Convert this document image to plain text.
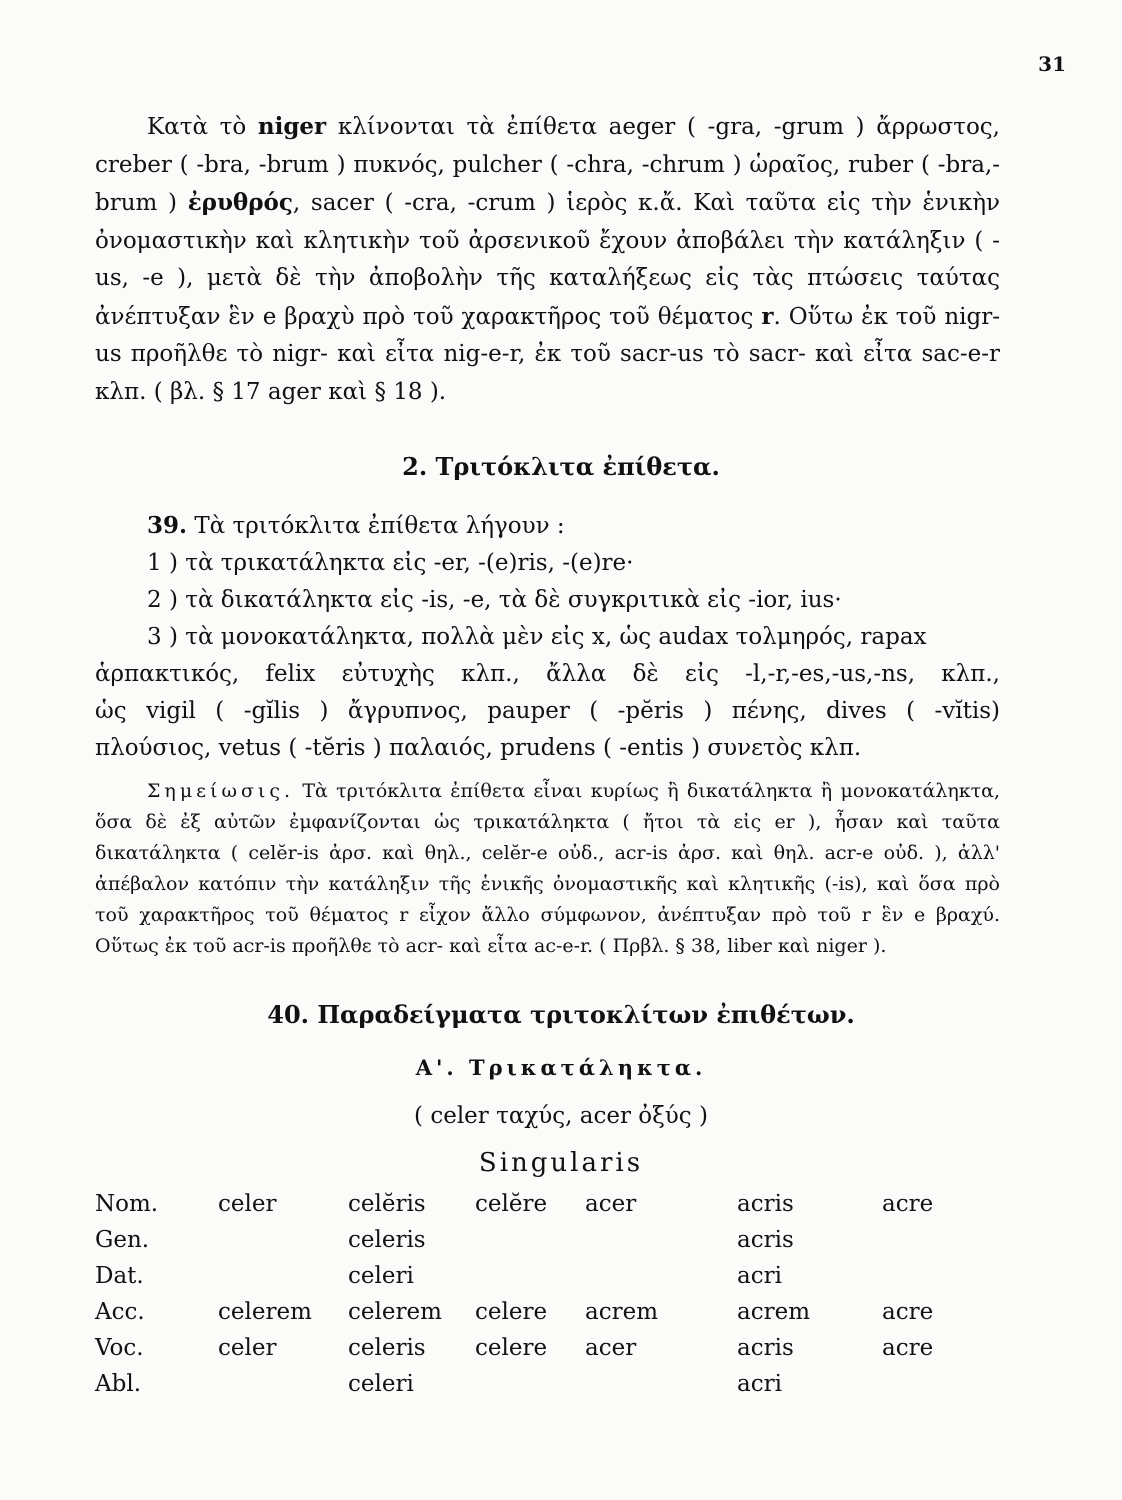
31

Κατὰ τὸ niger κλίνονται τὰ ἐπίθετα aeger ( -gra, -grum ) ἄρρωστος, creber ( -bra, -brum ) πυκνός, pulcher ( -chra, -chrum ) ὡραῖος, ruber ( -bra,-brum ) ἐρυθρός, sacer ( -cra, -crum ) ἱερὸς κ.ἄ. Καὶ ταῦτα εἰς τὴν ἑνικὴν ὀνομαστικὴν καὶ κλητικὴν τοῦ ἀρσενικοῦ ἔχουν ἀποβάλει τὴν κατάληξιν ( -us, -e ), μετὰ δὲ τὴν ἀποβολὴν τῆς καταλήξεως εἰς τὰς πτώσεις ταύτας ἀνέπτυξαν ἓν e βραχὺ πρὸ τοῦ χαρακτῆρος τοῦ θέματος r. Οὕτω ἐκ τοῦ nigr-us προῆλθε τὸ nigr- καὶ εἶτα nig-e-r, ἐκ τοῦ sacr-us τὸ sacr- καὶ εἶτα sac-e-r κλπ. ( βλ. § 17 ager καὶ § 18 ).

2. Τριτόκλιτα ἐπίθετα.
39. Τὰ τριτόκλιτα ἐπίθετα λήγουν :
1 ) τὰ τρικατάληκτα εἰς -er, -(e)ris, -(e)re·
2 ) τὰ δικατάληκτα εἰς -is, -e, τὰ δὲ συγκριτικὰ εἰς -ior, ius·
3 ) τὰ μονοκατάληκτα, πολλὰ μὲν εἰς x, ὡς audax τολμηρός, rapax
ἁρπακτικός, felix εὐτυχὴς κλπ., ἄλλα δὲ εἰς -l,-r,-es,-us,-ns, κλπ.,
ὡς vigil ( -gĭlis ) ἄγρυπνος, pauper ( -pĕris ) πένης, dives ( -vĭtis)
πλούσιος, vetus ( -tĕris ) παλαιός, prudens ( -entis ) συνετὸς κλπ.

Σημείωσις. Τὰ τριτόκλιτα ἐπίθετα εἶναι κυρίως ἢ δικατάληκτα ἢ μονοκατάληκτα, ὅσα δὲ ἐξ αὐτῶν ἐμφανίζονται ὡς τρικατάληκτα ( ἤτοι τὰ εἰς er ), ἦσαν καὶ ταῦτα δικατάληκτα ( celĕr-is ἀρσ. καὶ θηλ., celĕr-e οὐδ., acr-is ἀρσ. καὶ θηλ. acr-e οὐδ. ), ἀλλ' ἀπέβαλον κατόπιν τὴν κατάληξιν τῆς ἑνικῆς ὀνομαστικῆς καὶ κλητικῆς (-is), καὶ ὅσα πρὸ τοῦ χαρακτῆρος τοῦ θέματος r εἶχον ἄλλο σύμφωνον, ἀνέπτυξαν πρὸ τοῦ r ἓν e βραχύ. Οὕτως ἐκ τοῦ acr-is προῆλθε τὸ acr- καὶ εἶτα ac-e-r. ( Πρβλ. § 38, liber καὶ niger ).

40. Παραδείγματα τριτοκλίτων ἐπιθέτων.
Α'. Τρικατάληκτα.

( celer ταχύς, acer ὀξύς )

Singularis

Nom.	celer	celĕris	celĕre	acer	acris	acre
Gen.		celeris			acris	
Dat.		celeri			acri	
Acc.	celerem	celerem	celere	acrem	acrem	acre
Voc.	celer	celeris	celere	acer	acris	acre
Abl.		celeri			acri	
